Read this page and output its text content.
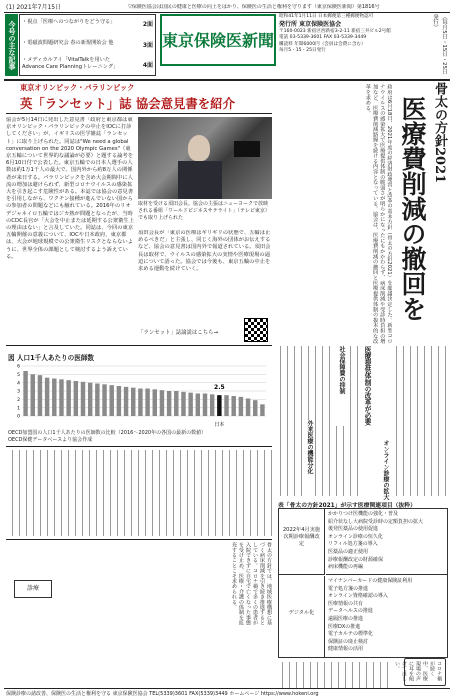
(1) 2021年7月15日	▽保険医協会は国民の健康と医療の向上をはかり、保険医の生活と権利を守ります（東京保険医新聞）第1816号
今号の主な記事	・視点「医療へのつながりをどう守る」	2面
・電磁波問題研究会 春の新規開始会 他	3面
・メディカルアイ「VitalTalkを用いたAdvance Care Planningトレーニング」	4面
東京保険医新聞
昭和41年1月11日 日本郵便第三種郵便物認可
発行所 東京保険医協会
〒160-0023 新宿区西新宿3-2-11 新宿三井ビル2号館
電話 03-5339-3601 FAX 03-5339-3449
購読料 年間6000円（会員は会費に含む）
毎月5・15・25日発行	（毎月5日・15日・25日発行）
東京オリンピック・パラリンピック
英「ランセット」誌 協会意見書を紹介
協会が5月14日に発出した意見書「政府と東京都は東京オリンピック・パラリンピックの中止をIOCに打診してください」が、イギリスの医学雑誌「ランセット」に取り上げられた。同誌は"We need a global conversation on the 2020 Olympic Games"（東京五輪について世界的な議論が必要）と題する論考を6月10日付で公表した。東京五輪での日本人選手の人数は約1万1千人の最大で、国内外から約8万人の関係者が来日する。パラリンピックを含め大会期間中に人流の増加は避けられず、新型コロナウイルスの感染拡大を引き起こす危険性がある。本誌では協会の意見書を引用しながら、ワクチン接種が進んでいない国からの参加者の問題などにも触れている。2016年のリオデジャネイロ五輪ではジカ熱が問題となったが、当時のCDC長官が「大会を中止または延期する公衆衛生上の理由はない」と言及していた。同誌は、今回の東京五輪開催の意義について、IOCや日本政府、東京都は、大会が地球規模での公衆衛生リスクとならないように、世界全体の課題として検討するよう訴えている。
取材を受ける須田会長。協会の主張はニューヨークで放映される番組「ワールドビジネスサテライト」（テレビ東京）でも取り上げられた
須田会長が「東京の医療はギリギリの状態で、五輪は止めるべきだ」と主張し、同じく海外の団体がお伝えするなど、協会の意見書は国内外で報道されている。須田会長は取材で、ウイルスの感染拡大の実情や医療現場の逼迫について語った。協会では今後も、東京五輪の中止を求める運動を続けていく。
「ランセット」誌論説はこちら→
図 人口1千人あたりの医師数
0
1
2
3
4
5
6
2.5
日本
OECD加盟国の人口1千人あたりの医師数の比較（2016〜2020年の各国の最新の数値）
OECD保健データベースより協会作成
骨太の方針では、地域医療構想に基づく病床削減を引き続き推進するとしている。コロナ禍で多くの患者が入院できずに自宅で亡くなった事態を受け止め、医療・介護の体制を拡充することこそ求められる。
診療
骨太の方針2021
医療費削減の撤回を
政府は6月18日、2021年度の経済財政運営と改革の基本方針（骨太の方針2021）を閣議決定した。新型コロナウイルスの感染拡大で医療提供体制の脆弱さが明らかになったにもかかわらず、病床削減や受診時負担の増加など、医療費削減路線を続ける内容となっている。協会は、医療費削減の撤回と医療提供体制の抜本的な改革を求める。
医療提供体制の改革が必要
社会保障費の抑制
外来医療の機能分化	オンライン診療の拡大
表「骨太の方針2021」が示す医療関連項目（抜粋）
2022年4月実施 次期診療報酬改定
かかりつけ医機能の強化・普及
紹介状なし大病院受診時の定額負担の拡大
後発医薬品の使用促進
オンライン診療の恒久化
リフィル処方箋の導入
医薬品の適正使用
診療報酬改定の財源確保
病床機能の再編
デジタル化
マイナンバーカードの健康保険証利用
電子処方箋の推進
オンライン資格確認の導入
医療情報の共有
データヘルスの推進
遠隔医療の推進
医療DXの推進
電子カルテの標準化
保険証の廃止検討
健康情報の活用
コロナ禍が続く中、医療現場の声に耳を傾けてほしい。
保険診療の諸改善、保険医の生活と権利を守る 東京保険医協会 TEL(5339)3601 FAX(5339)3449 ホームページ https://www.hokeni.org
